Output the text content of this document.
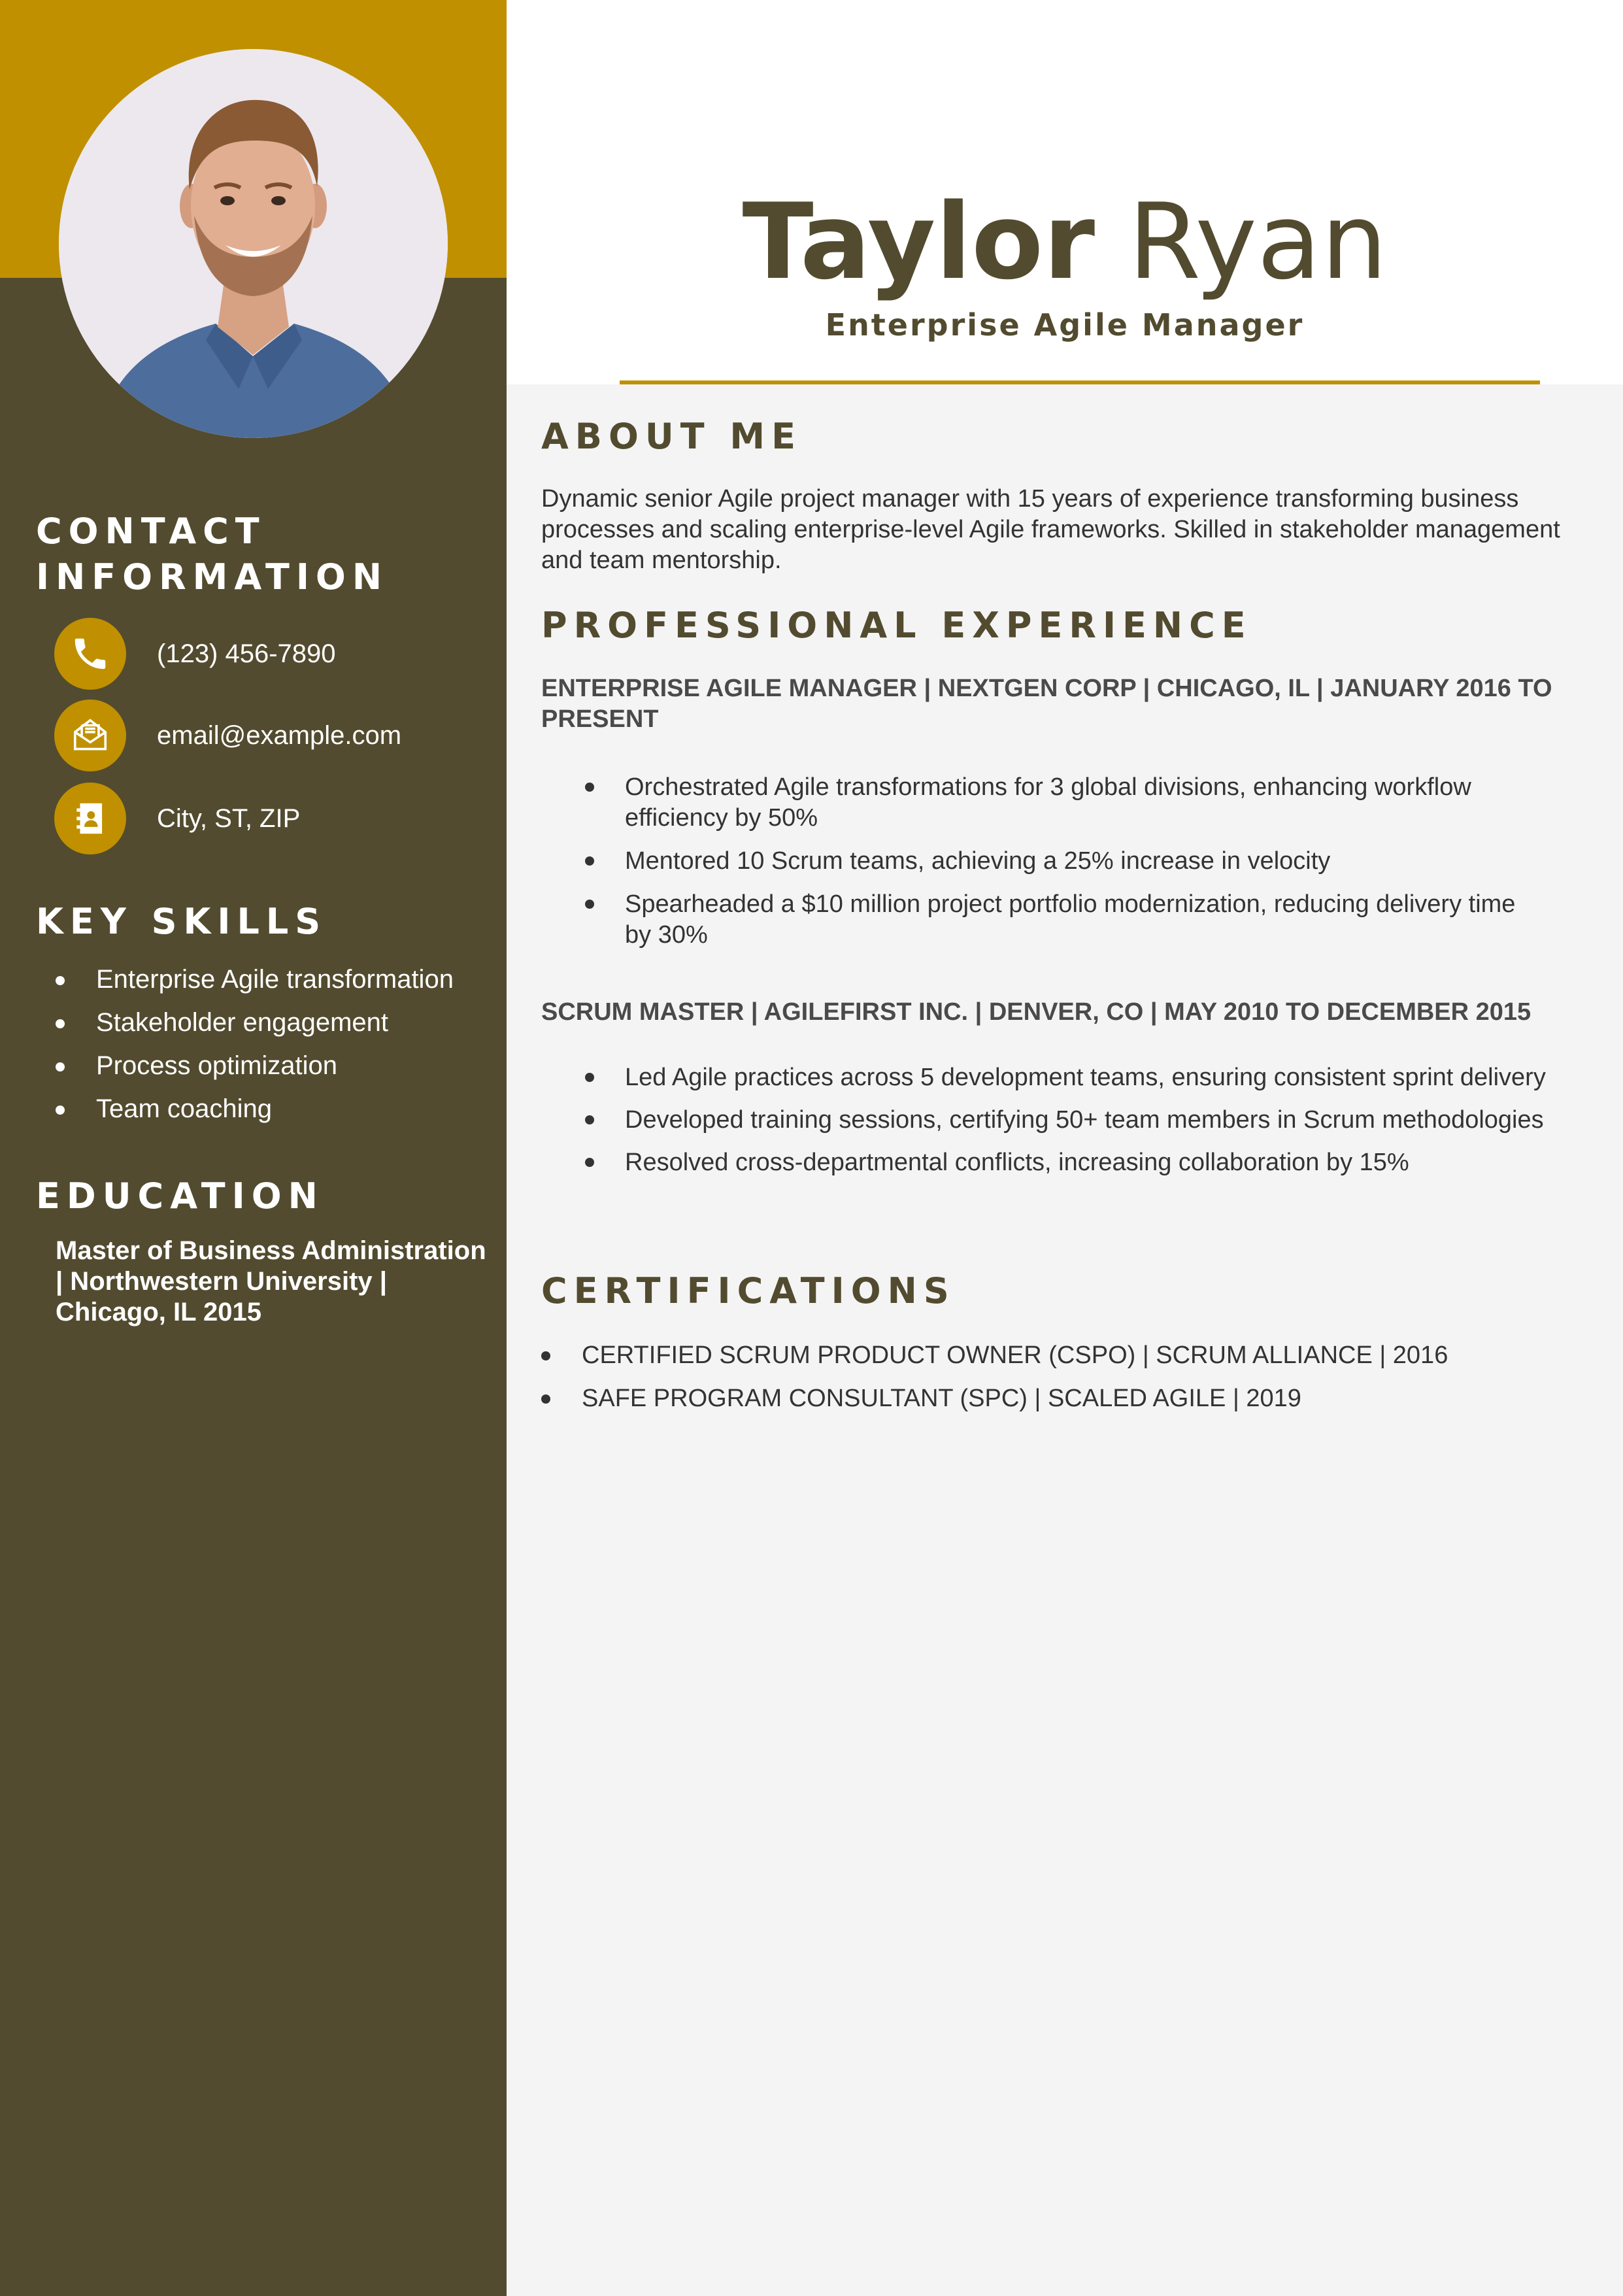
CONTACT
INFORMATION
(123) 456-7890
email@example.com
City, ST, ZIP
KEY SKILLS
Enterprise Agile transformation
Stakeholder engagement
Process optimization
Team coaching
EDUCATION
Master of Business Administration | Northwestern University | Chicago, IL 2015
Taylor Ryan
Enterprise Agile Manager
ABOUT ME

Dynamic senior Agile project manager with 15 years of experience transforming business processes and scaling enterprise-level Agile frameworks. Skilled in stakeholder management and team mentorship.

PROFESSIONAL EXPERIENCE

ENTERPRISE AGILE MANAGER | NEXTGEN CORP | CHICAGO, IL | JANUARY 2016 TO PRESENT

Orchestrated Agile transformations for 3 global divisions, enhancing workflow efficiency by 50%
Mentored 10 Scrum teams, achieving a 25% increase in velocity
Spearheaded a $10 million project portfolio modernization, reducing delivery time by 30%

SCRUM MASTER | AGILEFIRST INC. | DENVER, CO | MAY 2010 TO DECEMBER 2015

Led Agile practices across 5 development teams, ensuring consistent sprint delivery
Developed training sessions, certifying 50+ team members in Scrum methodologies
Resolved cross-departmental conflicts, increasing collaboration by 15%
CERTIFICATIONS
CERTIFIED SCRUM PRODUCT OWNER (CSPO) | SCRUM ALLIANCE | 2016
SAFE PROGRAM CONSULTANT (SPC) | SCALED AGILE | 2019
